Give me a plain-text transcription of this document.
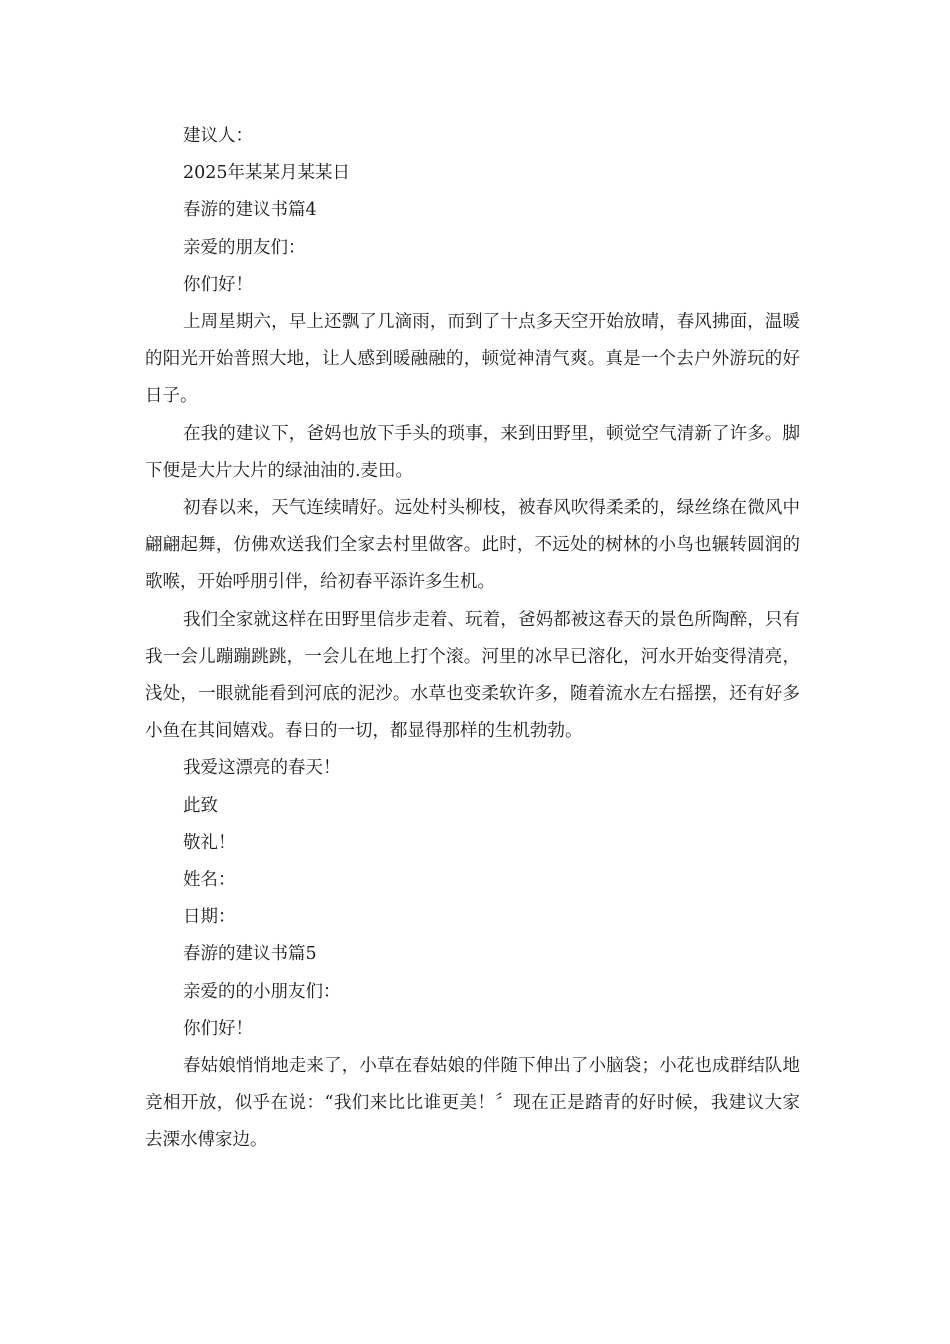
建议人：

2025年某某月某某日

春游的建议书篇4

亲爱的朋友们：

你们好！

上周星期六，早上还飘了几滴雨，而到了十点多天空开始放晴，春风拂面，温暖的阳光开始普照大地，让人感到暖融融的，顿觉神清气爽。真是一个去户外游玩的好日子。

在我的建议下，爸妈也放下手头的琐事，来到田野里，顿觉空气清新了许多。脚下便是大片大片的绿油油的.麦田。

初春以来，天气连续晴好。远处村头柳枝，被春风吹得柔柔的，绿丝绦在微风中翩翩起舞，仿佛欢送我们全家去村里做客。此时，不远处的树林的小鸟也辗转圆润的歌喉，开始呼朋引伴，给初春平添许多生机。

我们全家就这样在田野里信步走着、玩着，爸妈都被这春天的景色所陶醉，只有我一会儿蹦蹦跳跳，一会儿在地上打个滚。河里的冰早已溶化，河水开始变得清亮，浅处，一眼就能看到河底的泥沙。水草也变柔软许多，随着流水左右摇摆，还有好多小鱼在其间嬉戏。春日的一切，都显得那样的生机勃勃。

我爱这漂亮的春天！

此致

敬礼！

姓名：

日期：

春游的建议书篇5

亲爱的的小朋友们：

你们好！

春姑娘悄悄地走来了，小草在春姑娘的伴随下伸出了小脑袋；小花也成群结队地竞相开放，似乎在说：“我们来比比谁更美！〞现在正是踏青的好时候，我建议大家去溧水傅家边。
